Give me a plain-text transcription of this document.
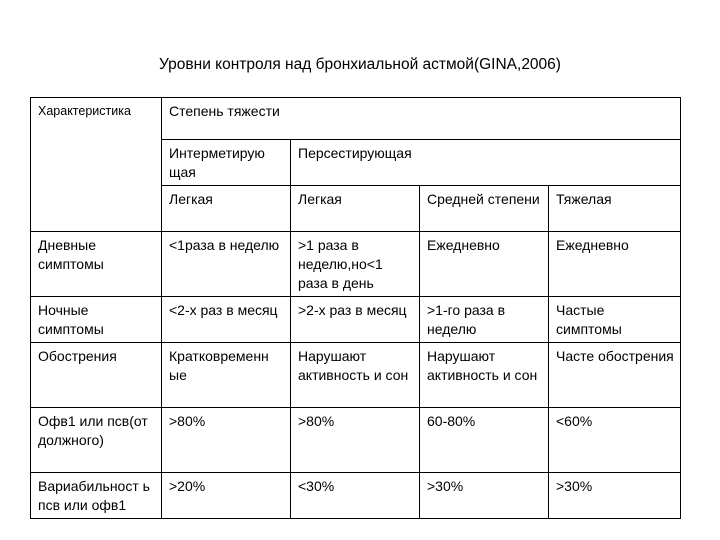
Уровни контроля над бронхиальной астмой(GINA,2006)
Характеристика	Степень тяжести			
	Интерметирую щая	Персестирующая		
	Легкая	Легкая	Средней степени	Тяжелая
Дневные симптомы	<1раза в неделю	>1 раза в неделю,но<1 раза в день	Ежедневно	Ежедневно
Ночные симптомы	<2-х раз в месяц	>2-х раз в месяц	>1-го раза в неделю	Частые симптомы
Обострения	Кратковременн ые	Нарушают активность и сон	Нарушают активность и сон	Часте обострения
Офв1 или псв(от должного)	>80%	>80%	60-80%	<60%
Вариабильност ь псв или офв1	>20%	<30%	>30%	>30%
